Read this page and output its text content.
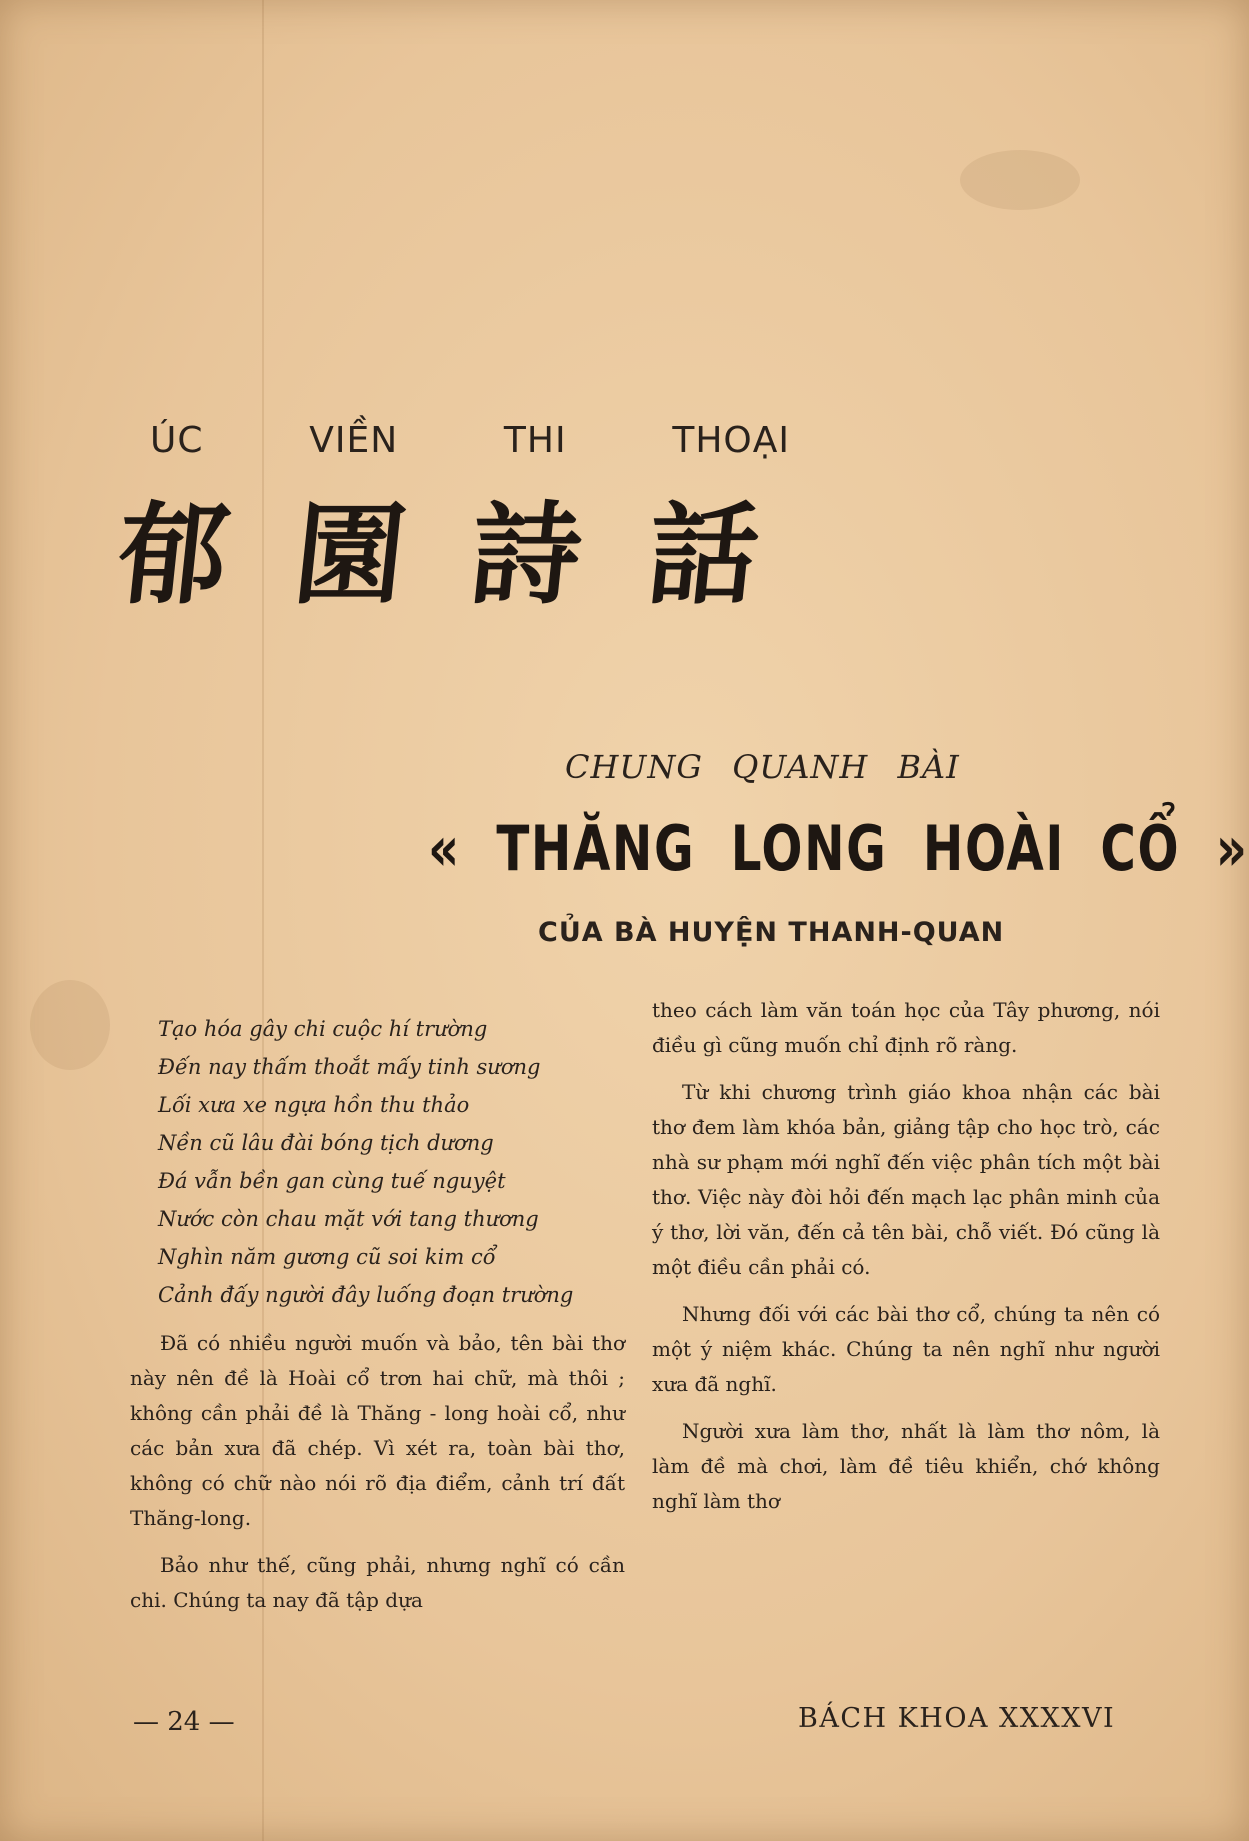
ÚC	VIỀN	THI	THOẠI
郁 園 詩 話
CHUNG QUANH BÀI
« THĂNG LONG HOÀI CỔ »
CỦA BÀ HUYỆN THANH-QUAN
Tạo hóa gây chi cuộc hí trường
Đến nay thấm thoắt mấy tinh sương
Lối xưa xe ngựa hồn thu thảo
Nền cũ lâu đài bóng tịch dương
Đá vẫn bền gan cùng tuế nguyệt
Nước còn chau mặt với tang thương
Nghìn năm gương cũ soi kim cổ
Cảnh đấy người đây luống đoạn trường

Đã có nhiều người muốn và bảo, tên bài thơ này nên đề là Hoài cổ trơn hai chữ, mà thôi ; không cần phải đề là Thăng - long hoài cổ, như các bản xưa đã chép. Vì xét ra, toàn bài thơ, không có chữ nào nói rõ địa điểm, cảnh trí đất Thăng-long.

Bảo như thế, cũng phải, nhưng nghĩ có cần chi. Chúng ta nay đã tập dựa

theo cách làm văn toán học của Tây phương, nói điều gì cũng muốn chỉ định rõ ràng.

Từ khi chương trình giáo khoa nhận các bài thơ đem làm khóa bản, giảng tập cho học trò, các nhà sư phạm mới nghĩ đến việc phân tích một bài thơ. Việc này đòi hỏi đến mạch lạc phân minh của ý thơ, lời văn, đến cả tên bài, chỗ viết. Đó cũng là một điều cần phải có.

Nhưng đối với các bài thơ cổ, chúng ta nên có một ý niệm khác. Chúng ta nên nghĩ như người xưa đã nghĩ.

Người xưa làm thơ, nhất là làm thơ nôm, là làm đề mà chơi, làm đề tiêu khiển, chớ không nghĩ làm thơ

— 24 —	BÁCH KHOA XXXXVI
